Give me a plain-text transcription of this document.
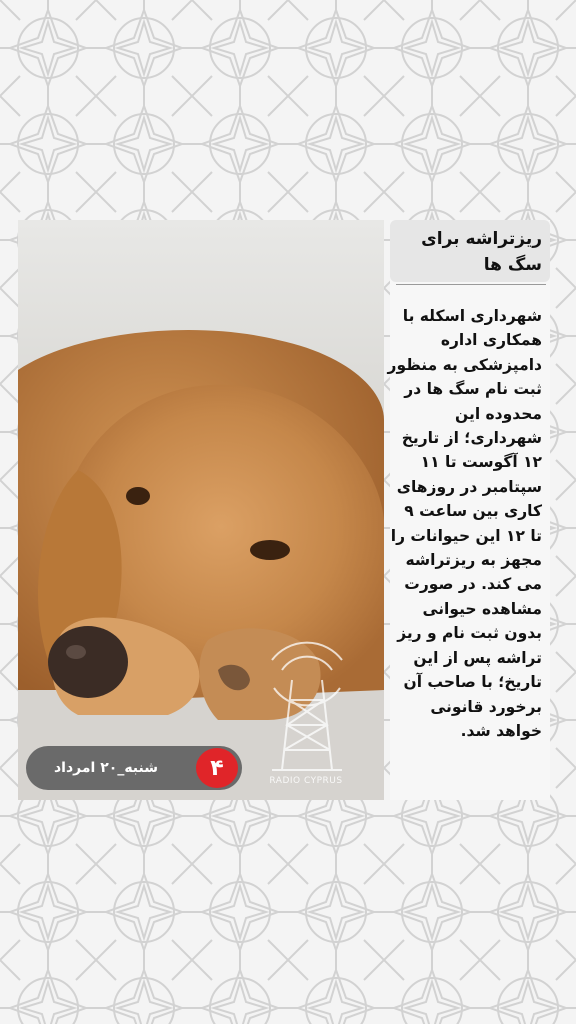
RADIO CYPRUS
شنبه_۲۰ امرداد	۴
ریزتراشه برای سگ ها
شهرداری اسکله با
همکاری اداره
دامپزشکی به منظور
ثبت نام سگ ها در
محدوده این
شهرداری؛ از تاریخ
۱۲ آگوست تا ۱۱
سپتامبر در روزهای
کاری بین ساعت ۹
تا ۱۲ این حیوانات را
مجهز به ریزتراشه
می کند. در صورت
مشاهده حیوانی
بدون ثبت نام و ریز
تراشه پس از این
تاریخ؛ با صاحب آن
برخورد قانونی
خواهد شد.
